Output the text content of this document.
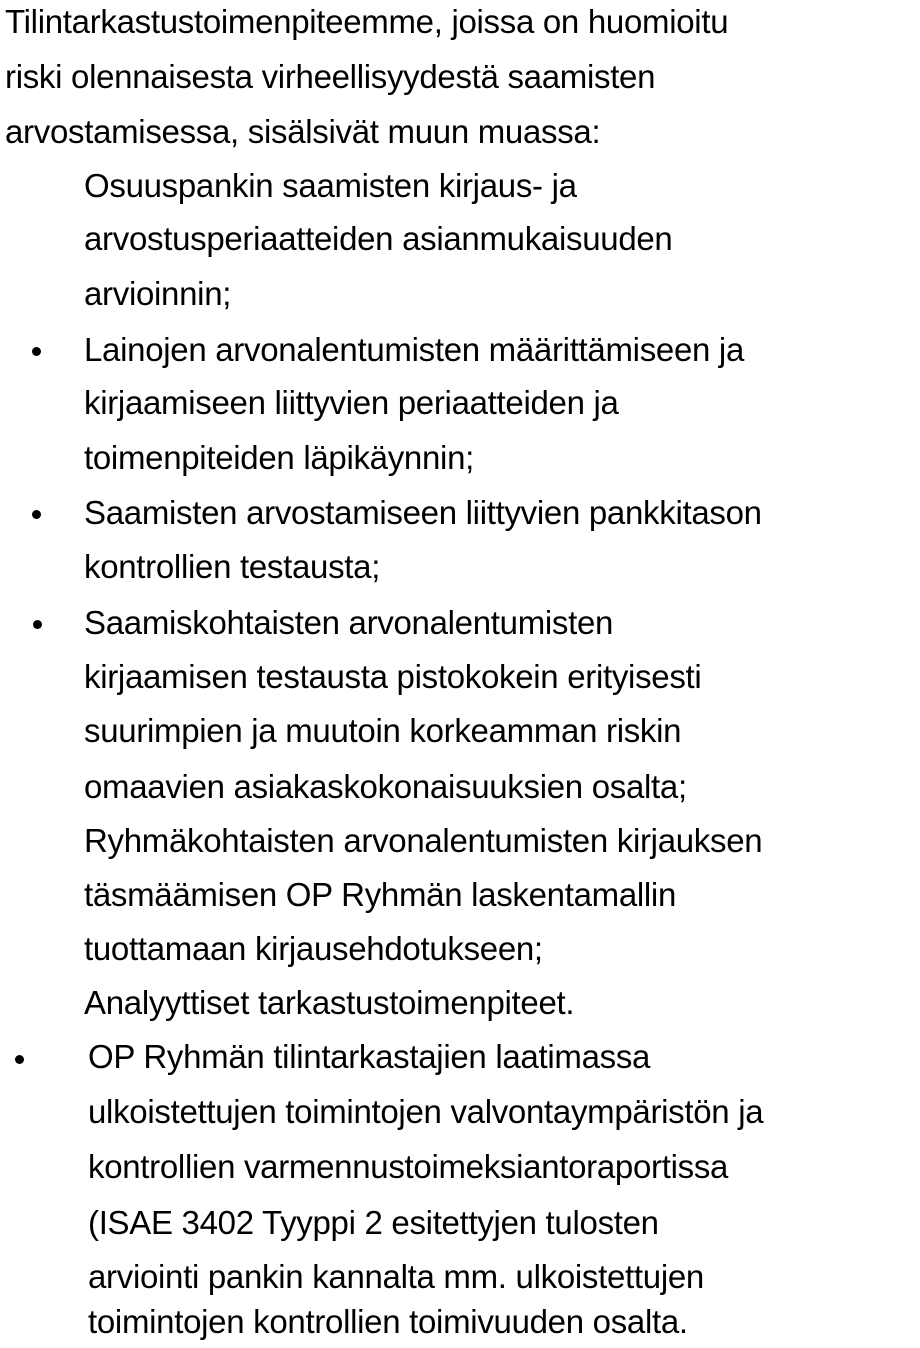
Tilintarkastustoimenpiteemme, joissa on huomioitu
riski olennaisesta virheellisyydestä saamisten
arvostamisessa, sisälsivät muun muassa:
Osuuspankin saamisten kirjaus- ja
arvostusperiaatteiden asianmukaisuuden
arvioinnin;
Lainojen arvonalentumisten määrittämiseen ja
kirjaamiseen liittyvien periaatteiden ja
toimenpiteiden läpikäynnin;
Saamisten arvostamiseen liittyvien pankkitason
kontrollien testausta;
Saamiskohtaisten arvonalentumisten
kirjaamisen testausta pistokokein erityisesti
suurimpien ja muutoin korkeamman riskin
omaavien asiakaskokonaisuuksien osalta;
Ryhmäkohtaisten arvonalentumisten kirjauksen
täsmäämisen OP Ryhmän laskentamallin
tuottamaan kirjausehdotukseen;
Analyyttiset tarkastustoimenpiteet.
OP Ryhmän tilintarkastajien laatimassa
ulkoistettujen toimintojen valvontaympäristön ja
kontrollien varmennustoimeksiantoraportissa
(ISAE 3402 Tyyppi 2 esitettyjen tulosten
arviointi pankin kannalta mm. ulkoistettujen
toimintojen kontrollien toimivuuden osalta.
